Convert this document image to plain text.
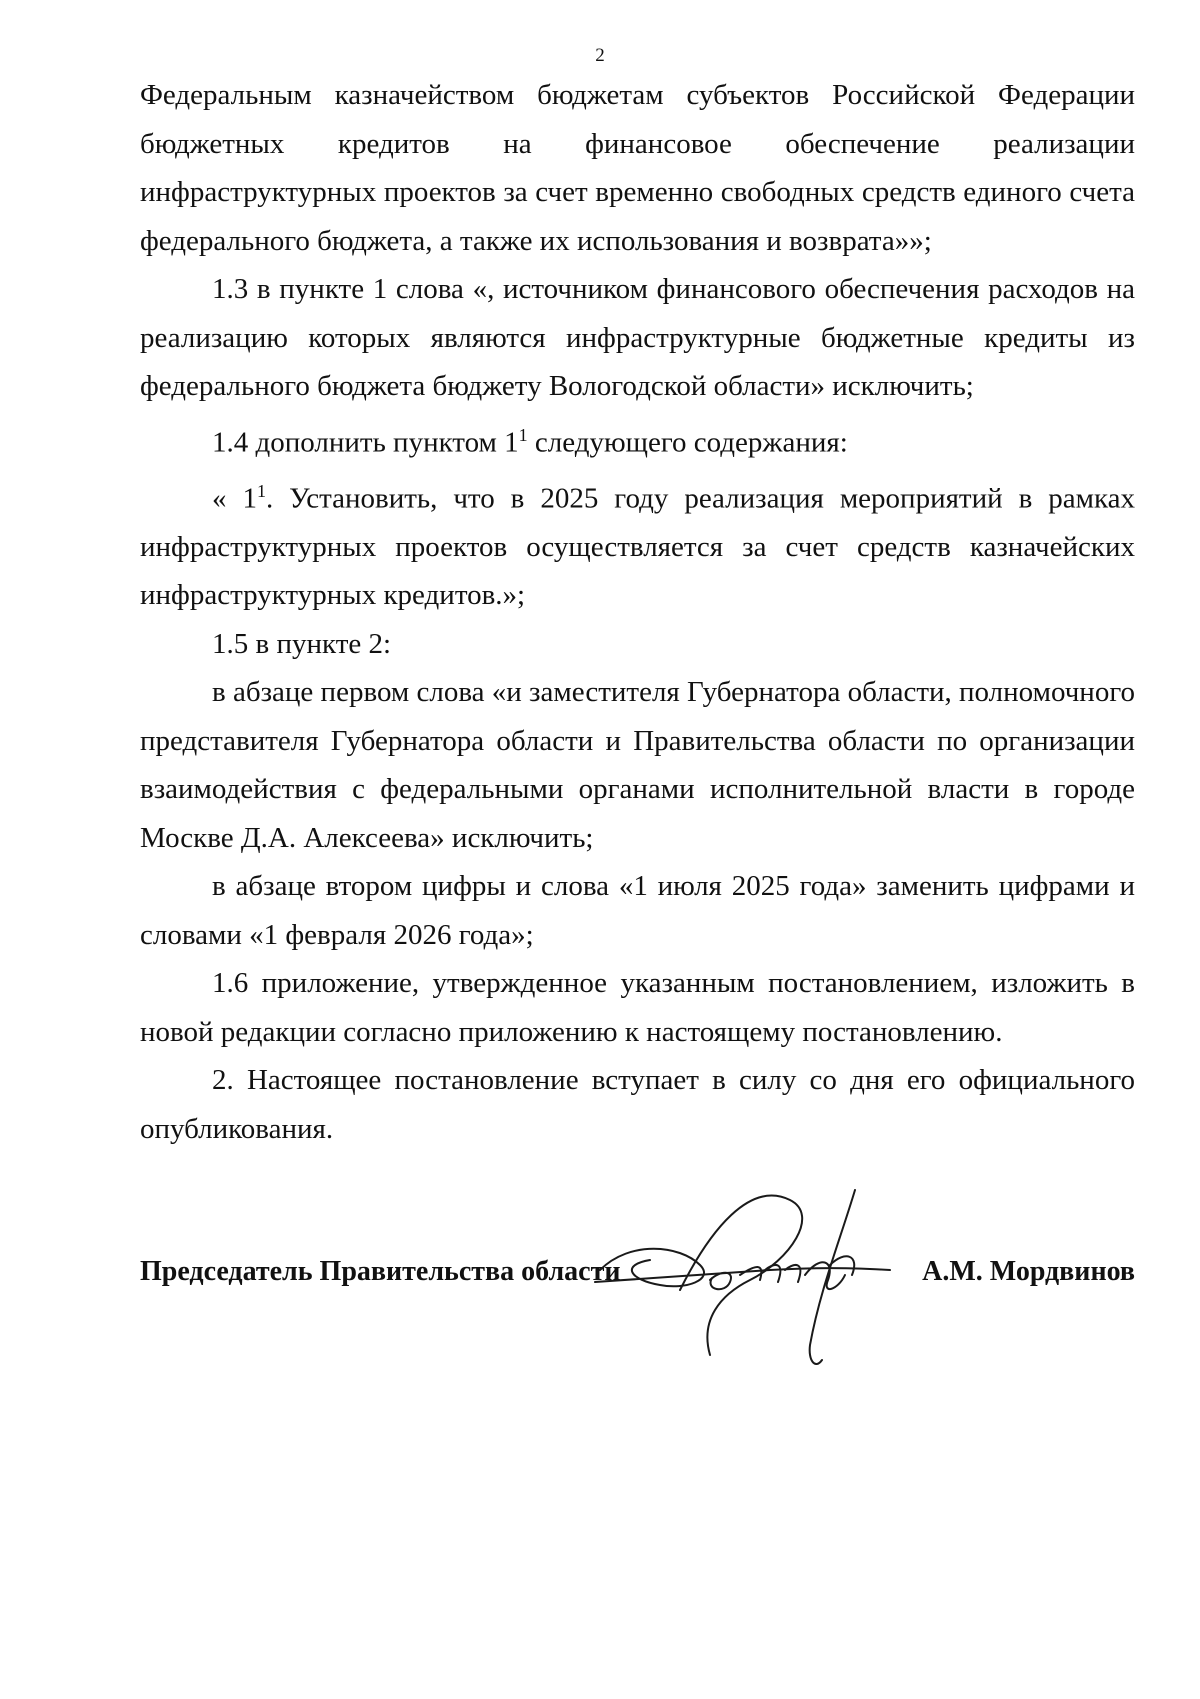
2

Федеральным казначейством бюджетам субъектов Российской Федерации бюджетных кредитов на финансовое обеспечение реализации инфраструктурных проектов за счет временно свободных средств единого счета федерального бюджета, а также их использования и возврата»»;

1.3 в пункте 1 слова «, источником финансового обеспечения расходов на реализацию которых являются инфраструктурные бюджетные кредиты из федерального бюджета бюджету Вологодской области» исключить;

1.4 дополнить пунктом $1^1$ следующего содержания:

« $1^1$. Установить, что в 2025 году реализация мероприятий в рамках инфраструктурных проектов осуществляется за счет средств казначейских инфраструктурных кредитов.»;

1.5 в пункте 2:

в абзаце первом слова «и заместителя Губернатора области, полномочного представителя Губернатора области и Правительства области по организации взаимодействия с федеральными органами исполнительной власти в городе Москве Д.А. Алексеева» исключить;

в абзаце втором цифры и слова «1 июля 2025 года» заменить цифрами и словами «1 февраля 2026 года»;

1.6 приложение, утвержденное указанным постановлением, изложить в новой редакции согласно приложению к настоящему постановлению.

2. Настоящее постановление вступает в силу со дня его официального опубликования.

Председатель Правительства области	А.М. Мордвинов
